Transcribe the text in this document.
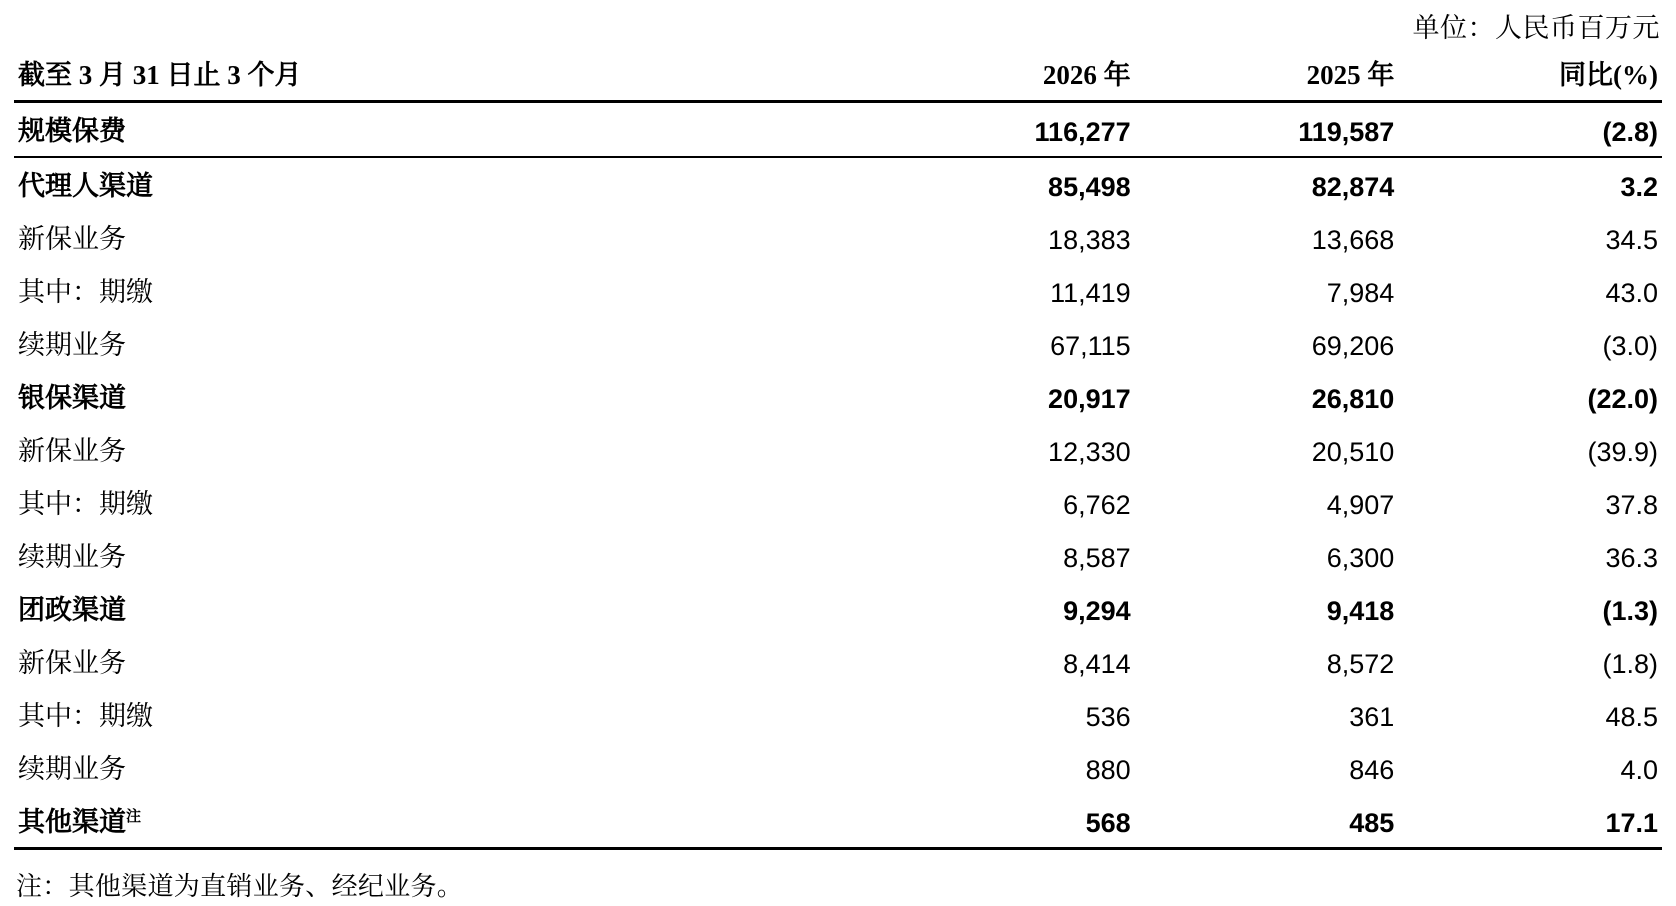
单位：人民币百万元
截至 3 月 31 日止 3 个月	2026 年	2025 年	同比(%)
规模保费	116,277	119,587	(2.8)
代理人渠道	85,498	82,874	3.2
新保业务	18,383	13,668	34.5
其中：期缴	11,419	7,984	43.0
续期业务	67,115	69,206	(3.0)
银保渠道	20,917	26,810	(22.0)
新保业务	12,330	20,510	(39.9)
其中：期缴	6,762	4,907	37.8
续期业务	8,587	6,300	36.3
团政渠道	9,294	9,418	(1.3)
新保业务	8,414	8,572	(1.8)
其中：期缴	536	361	48.5
续期业务	880	846	4.0
其他渠道$^注$	568	485	17.1
注：其他渠道为直销业务、经纪业务。
